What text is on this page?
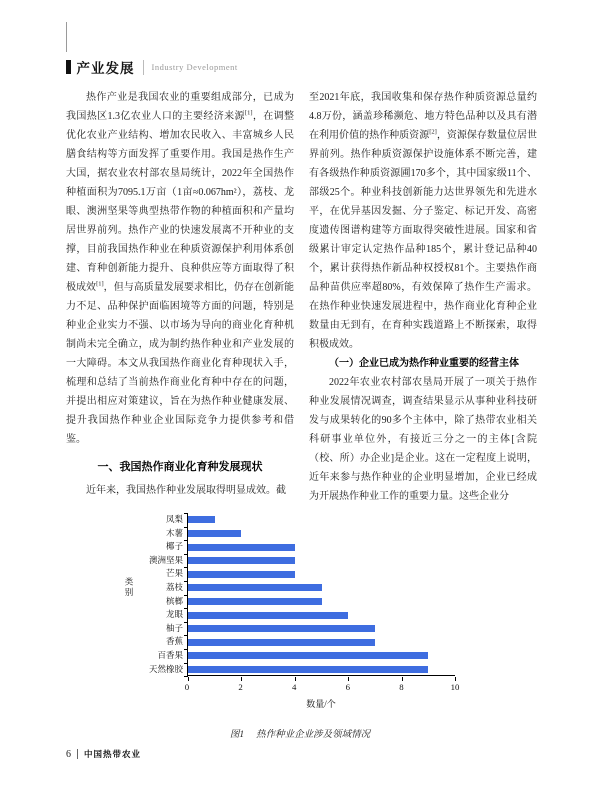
产业发展 Industry Development

热作产业是我国农业的重要组成部分，已成为我国热区1.3亿农业人口的主要经济来源[1]，在调整优化农业产业结构、增加农民收入、丰富城乡人民膳食结构等方面发挥了重要作用。我国是热作生产大国，据农业农村部农垦局统计，2022年全国热作种植面积为7095.1万亩（1亩≈0.067hm²），荔枝、龙眼、澳洲坚果等典型热带作物的种植面积和产量均居世界前列。热作产业的快速发展离不开种业的支撑，目前我国热作种业在种质资源保护利用体系创建、育种创新能力提升、良种供应等方面取得了积极成效[1]，但与高质量发展要求相比，仍存在创新能力不足、品种保护面临困境等方面的问题，特别是种业企业实力不强、以市场为导向的商业化育种机制尚未完全确立，成为制约热作种业和产业发展的一大障碍。本文从我国热作商业化育种现状入手，梳理和总结了当前热作商业化育种中存在的问题，并提出相应对策建议，旨在为热作种业健康发展、提升我国热作种业企业国际竞争力提供参考和借鉴。

一、我国热作商业化育种发展现状

近年来，我国热作种业发展取得明显成效。截

至2021年底，我国收集和保存热作种质资源总量约4.8万份，涵盖珍稀濒危、地方特色品种以及具有潜在利用价值的热作种质资源[2]，资源保存数量位居世界前列。热作种质资源保护设施体系不断完善，建有各级热作种质资源圃170多个，其中国家级11个、部级25个。种业科技创新能力达世界领先和先进水平，在优异基因发掘、分子鉴定、标记开发、高密度遗传图谱构建等方面取得突破性进展。国家和省级累计审定认定热作品种185个，累计登记品种40个，累计获得热作新品种权授权81个。主要热作商品种苗供应率超80%，有效保障了热作生产需求。在热作种业快速发展进程中，热作商业化育种企业数量由无到有，在育种实践道路上不断探索，取得积极成效。

（一）企业已成为热作种业重要的经营主体

2022年农业农村部农垦局开展了一项关于热作种业发展情况调查，调查结果显示从事种业科技研发与成果转化的90多个主体中，除了热带农业相关科研事业单位外，有接近三分之一的主体[含院（校、所）办企业]是企业。这在一定程度上说明，近年来参与热作种业的企业明显增加，企业已经成为开展热作种业工作的重要力量。这些企业分

类别
凤梨
木薯
椰子
澳洲坚果
芒果
荔枝
槟榔
龙眼
柚子
香蕉
百香果
天然橡胶
0	2	4	6	8	10
数量/个
图1 热作种业企业涉及领域情况
6 中国热带农业
